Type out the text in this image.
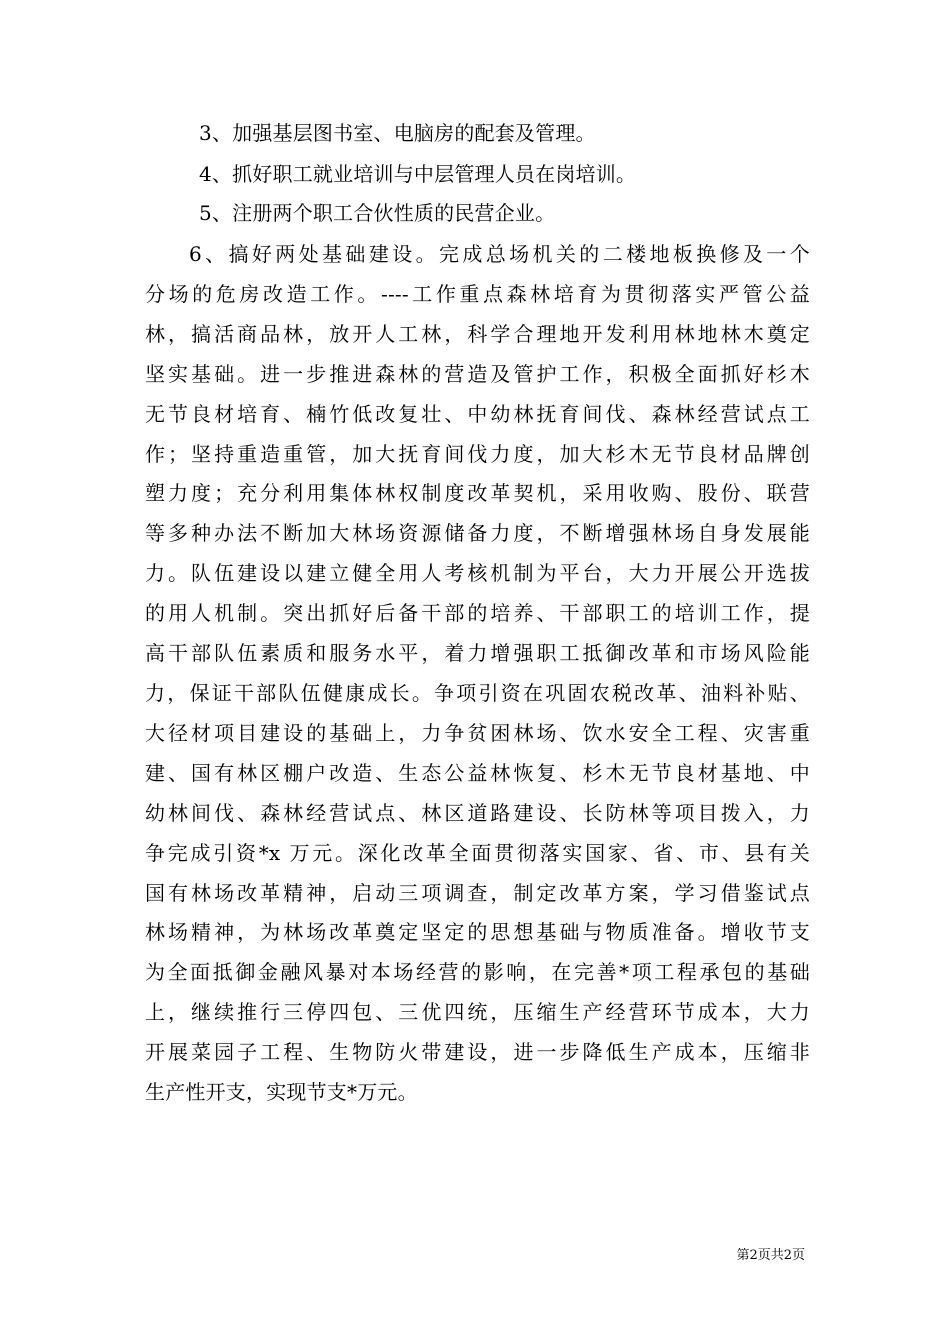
3、加强基层图书室、电脑房的配套及管理。

4、抓好职工就业培训与中层管理人员在岗培训。

5、注册两个职工合伙性质的民营企业。

6、搞好两处基础建设。完成总场机关的二楼地板换修及一个
分场的危房改造工作。----工作重点森林培育为贯彻落实严管公益
林，搞活商品林，放开人工林，科学合理地开发利用林地林木奠定
坚实基础。进一步推进森林的营造及管护工作，积极全面抓好杉木
无节良材培育、楠竹低改复壮、中幼林抚育间伐、森林经营试点工
作；坚持重造重管，加大抚育间伐力度，加大杉木无节良材品牌创
塑力度；充分利用集体林权制度改革契机，采用收购、股份、联营
等多种办法不断加大林场资源储备力度，不断增强林场自身发展能
力。队伍建设以建立健全用人考核机制为平台，大力开展公开选拔
的用人机制。突出抓好后备干部的培养、干部职工的培训工作，提
高干部队伍素质和服务水平，着力增强职工抵御改革和市场风险能
力，保证干部队伍健康成长。争项引资在巩固农税改革、油料补贴、
大径材项目建设的基础上，力争贫困林场、饮水安全工程、灾害重
建、国有林区棚户改造、生态公益林恢复、杉木无节良材基地、中
幼林间伐、森林经营试点、林区道路建设、长防林等项目拨入，力
争完成引资*x 万元。深化改革全面贯彻落实国家、省、市、县有关
国有林场改革精神，启动三项调查，制定改革方案，学习借鉴试点
林场精神，为林场改革奠定坚定的思想基础与物质准备。增收节支
为全面抵御金融风暴对本场经营的影响，在完善*项工程承包的基础
上，继续推行三停四包、三优四统，压缩生产经营环节成本，大力
开展菜园子工程、生物防火带建设，进一步降低生产成本，压缩非
生产性开支，实现节支*万元。

第2页共2页
